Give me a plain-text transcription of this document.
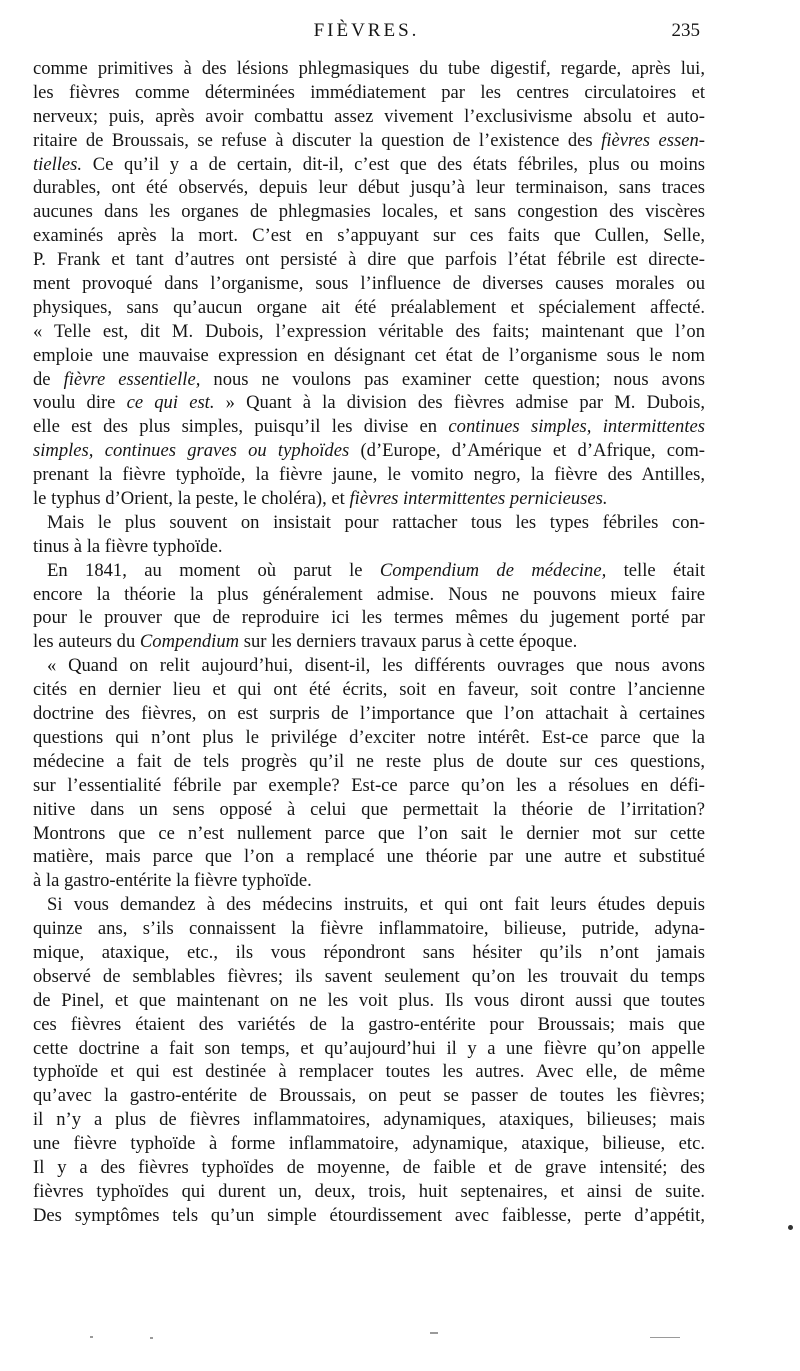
FIÈVRES.	235
comme primitives à des lésions phlegmasiques du tube digestif, regarde, après lui,
les fièvres comme déterminées immédiatement par les centres circulatoires et
nerveux; puis, après avoir combattu assez vivement l’exclusivisme absolu et auto-
ritaire de Broussais, se refuse à discuter la question de l’existence des fièvres essen-
tielles. Ce qu’il y a de certain, dit-il, c’est que des états fébriles, plus ou moins
durables, ont été observés, depuis leur début jusqu’à leur terminaison, sans traces
aucunes dans les organes de phlegmasies locales, et sans congestion des viscères
examinés après la mort. C’est en s’appuyant sur ces faits que Cullen, Selle,
P. Frank et tant d’autres ont persisté à dire que parfois l’état fébrile est directe-
ment provoqué dans l’organisme, sous l’influence de diverses causes morales ou
physiques, sans qu’aucun organe ait été préalablement et spécialement affecté.
« Telle est, dit M. Dubois, l’expression véritable des faits; maintenant que l’on
emploie une mauvaise expression en désignant cet état de l’organisme sous le nom
de fièvre essentielle, nous ne voulons pas examiner cette question; nous avons
voulu dire ce qui est. » Quant à la division des fièvres admise par M. Dubois,
elle est des plus simples, puisqu’il les divise en continues simples, intermittentes
simples, continues graves ou typhoïdes (d’Europe, d’Amérique et d’Afrique, com-
prenant la fièvre typhoïde, la fièvre jaune, le vomito negro, la fièvre des Antilles,
le typhus d’Orient, la peste, le choléra), et fièvres intermittentes pernicieuses.
Mais le plus souvent on insistait pour rattacher tous les types fébriles con-
tinus à la fièvre typhoïde.
En 1841, au moment où parut le Compendium de médecine, telle était
encore la théorie la plus généralement admise. Nous ne pouvons mieux faire
pour le prouver que de reproduire ici les termes mêmes du jugement porté par
les auteurs du Compendium sur les derniers travaux parus à cette époque.
« Quand on relit aujourd’hui, disent-il, les différents ouvrages que nous avons
cités en dernier lieu et qui ont été écrits, soit en faveur, soit contre l’ancienne
doctrine des fièvres, on est surpris de l’importance que l’on attachait à certaines
questions qui n’ont plus le privilége d’exciter notre intérêt. Est-ce parce que la
médecine a fait de tels progrès qu’il ne reste plus de doute sur ces questions,
sur l’essentialité fébrile par exemple? Est-ce parce qu’on les a résolues en défi-
nitive dans un sens opposé à celui que permettait la théorie de l’irritation?
Montrons que ce n’est nullement parce que l’on sait le dernier mot sur cette
matière, mais parce que l’on a remplacé une théorie par une autre et substitué
à la gastro-entérite la fièvre typhoïde.
Si vous demandez à des médecins instruits, et qui ont fait leurs études depuis
quinze ans, s’ils connaissent la fièvre inflammatoire, bilieuse, putride, adyna-
mique, ataxique, etc., ils vous répondront sans hésiter qu’ils n’ont jamais
observé de semblables fièvres; ils savent seulement qu’on les trouvait du temps
de Pinel, et que maintenant on ne les voit plus. Ils vous diront aussi que toutes
ces fièvres étaient des variétés de la gastro-entérite pour Broussais; mais que
cette doctrine a fait son temps, et qu’aujourd’hui il y a une fièvre qu’on appelle
typhoïde et qui est destinée à remplacer toutes les autres. Avec elle, de même
qu’avec la gastro-entérite de Broussais, on peut se passer de toutes les fièvres;
il n’y a plus de fièvres inflammatoires, adynamiques, ataxiques, bilieuses; mais
une fièvre typhoïde à forme inflammatoire, adynamique, ataxique, bilieuse, etc.
Il y a des fièvres typhoïdes de moyenne, de faible et de grave intensité; des
fièvres typhoïdes qui durent un, deux, trois, huit septenaires, et ainsi de suite.
Des symptômes tels qu’un simple étourdissement avec faiblesse, perte d’appétit,
